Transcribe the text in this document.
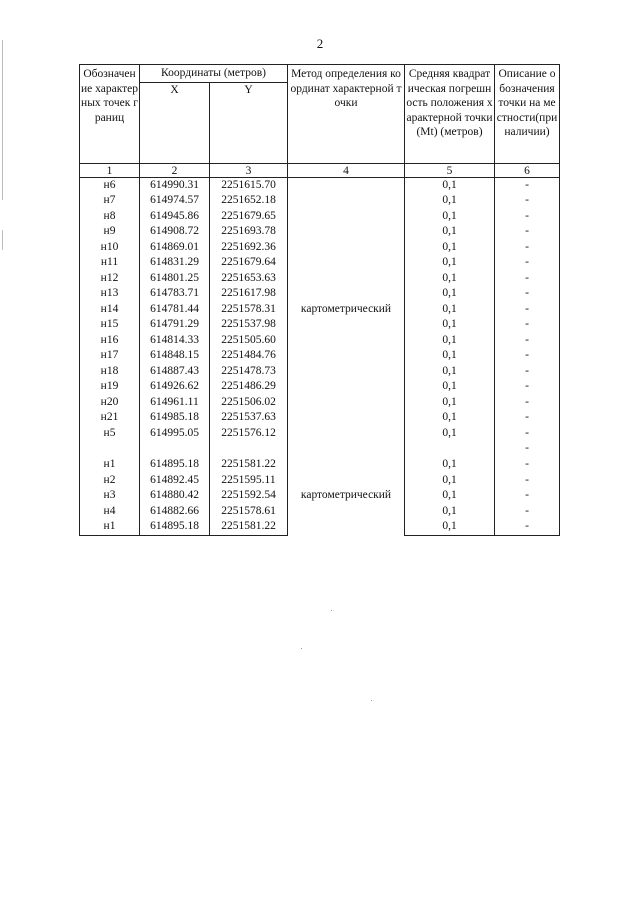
2
Обозначение характерных точек границ	Координаты (метров)		Метод определения координат характерной точки	Средняя квадратическая погрешность положения характерной точки (Мt) (метров)	Описание обозначения точки на местности(при наличии)
	X	Y			
1	2	3	4	5	6
н6	614990.31	2251615.70	картометрический	0,1	-
н7	614974.57	2251652.18		0,1	-
н8	614945.86	2251679.65		0,1	-
н9	614908.72	2251693.78		0,1	-
н10	614869.01	2251692.36		0,1	-
н11	614831.29	2251679.64		0,1	-
н12	614801.25	2251653.63		0,1	-
н13	614783.71	2251617.98		0,1	-
н14	614781.44	2251578.31		0,1	-
н15	614791.29	2251537.98		0,1	-
н16	614814.33	2251505.60		0,1	-
н17	614848.15	2251484.76		0,1	-
н18	614887.43	2251478.73		0,1	-
н19	614926.62	2251486.29		0,1	-
н20	614961.11	2251506.02		0,1	-
н21	614985.18	2251537.63		0,1	-
н5	614995.05	2251576.12		0,1	-
					-
н1	614895.18	2251581.22	картометрический	0,1	-
н2	614892.45	2251595.11		0,1	-
н3	614880.42	2251592.54		0,1	-
н4	614882.66	2251578.61		0,1	-
н1	614895.18	2251581.22		0,1	-
